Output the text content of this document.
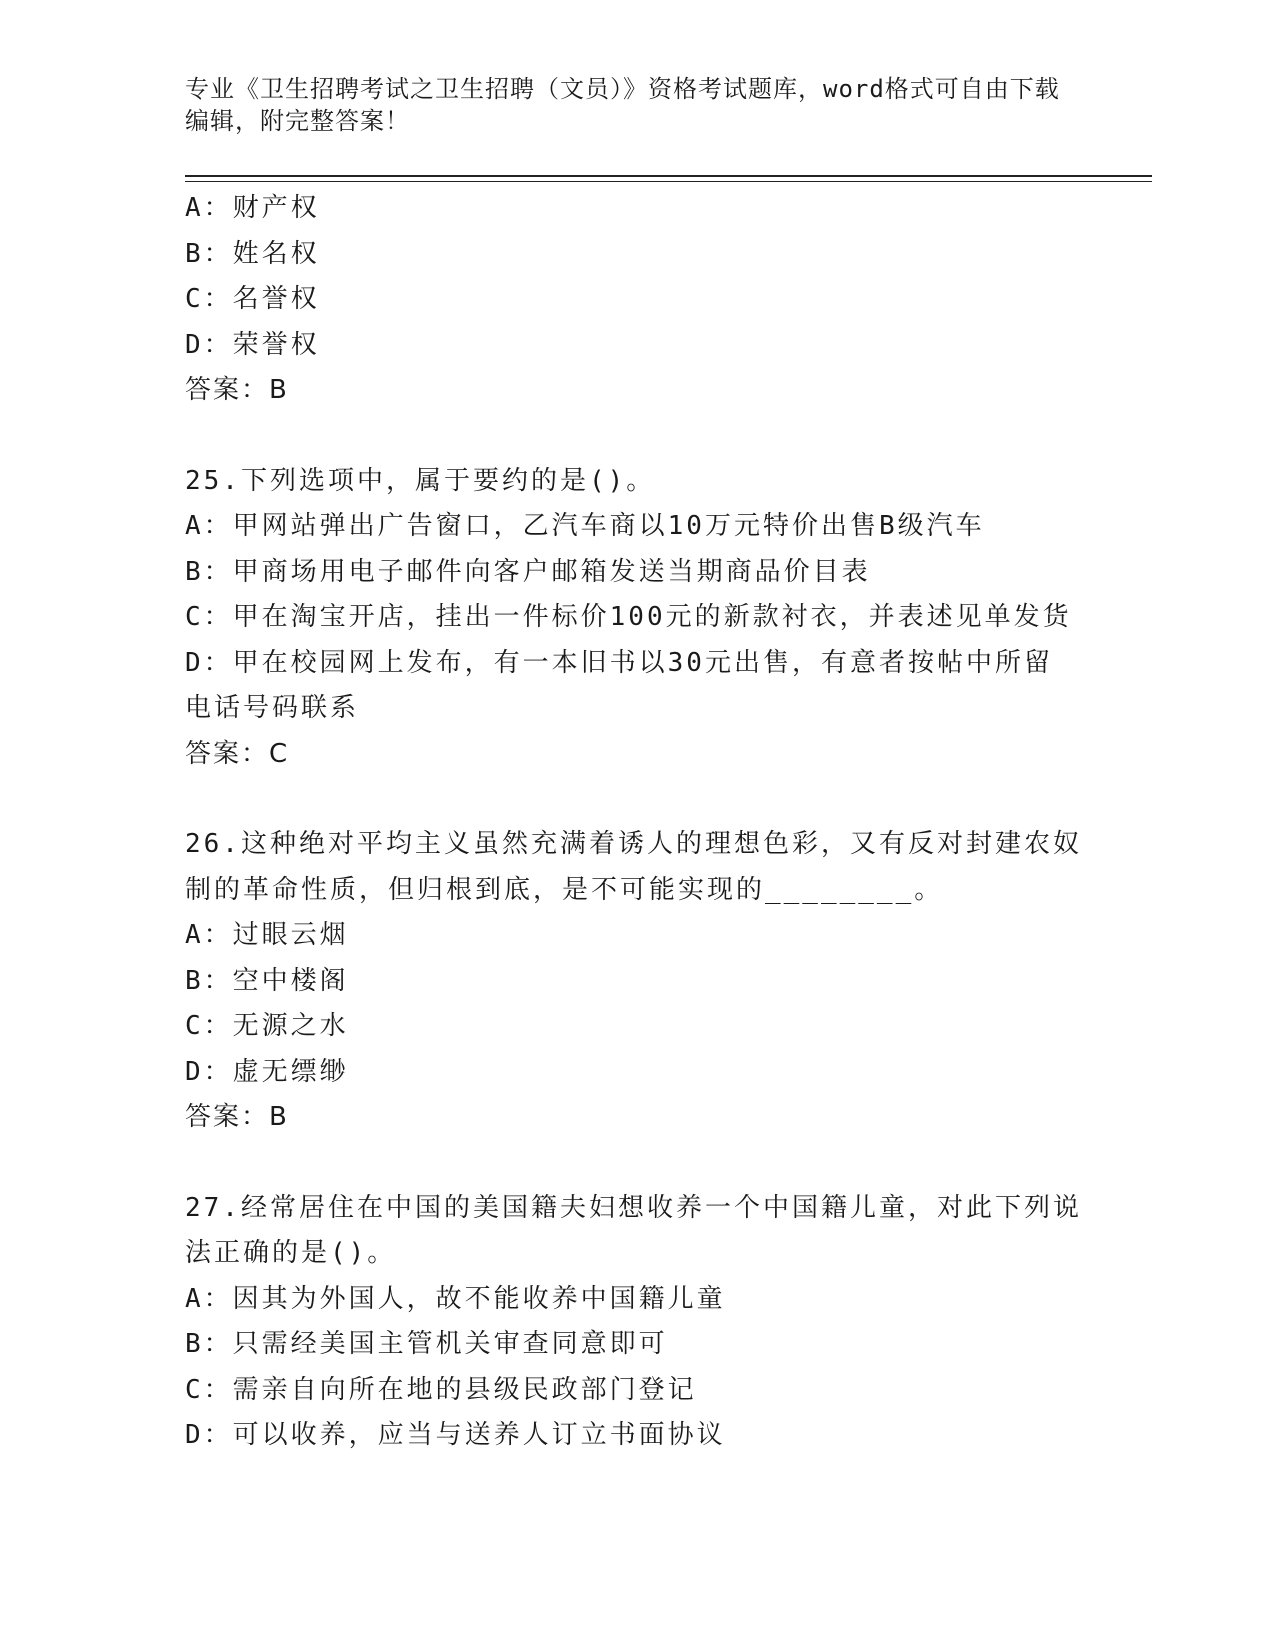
专业《卫生招聘考试之卫生招聘（文员）》资格考试题库，word格式可自由下载
编辑，附完整答案！
A：财产权
B：姓名权
C：名誉权
D：荣誉权
答案：B
25.下列选项中，属于要约的是()。
A：甲网站弹出广告窗口，乙汽车商以10万元特价出售B级汽车
B：甲商场用电子邮件向客户邮箱发送当期商品价目表
C：甲在淘宝开店，挂出一件标价100元的新款衬衣，并表述见单发货
D：甲在校园网上发布，有一本旧书以30元出售，有意者按帖中所留
电话号码联系
答案：C
26.这种绝对平均主义虽然充满着诱人的理想色彩，又有反对封建农奴
制的革命性质，但归根到底，是不可能实现的________。
A：过眼云烟
B：空中楼阁
C：无源之水
D：虚无缥缈
答案：B
27.经常居住在中国的美国籍夫妇想收养一个中国籍儿童，对此下列说
法正确的是()。
A：因其为外国人，故不能收养中国籍儿童
B：只需经美国主管机关审查同意即可
C：需亲自向所在地的县级民政部门登记
D：可以收养，应当与送养人订立书面协议
